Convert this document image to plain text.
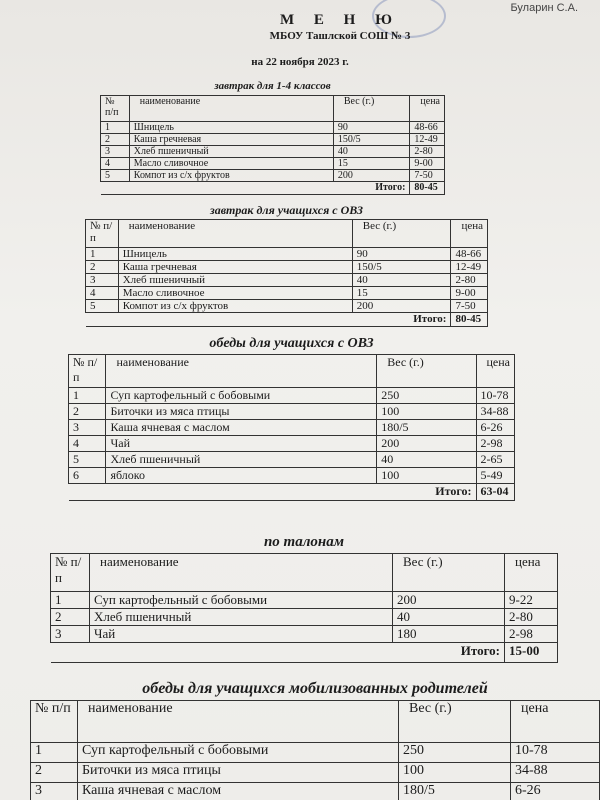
Буларин С.А.
М Е Н Ю
МБОУ Ташлской СОШ № 3
на 22 ноября 2023 г.
завтрак для 1-4 классов
№ п/п	наименование	Вес (г.)	цена
1	Шницель	90	48-66
2	Каша гречневая	150/5	12-49
3	Хлеб пшеничный	40	2-80
4	Масло сливочное	15	9-00
5	Компот из с/х фруктов	200	7-50
Итого:			80-45
завтрак для учащихся с ОВЗ
№ п/п	наименование	Вес (г.)	цена
1	Шницель	90	48-66
2	Каша гречневая	150/5	12-49
3	Хлеб пшеничный	40	2-80
4	Масло сливочное	15	9-00
5	Компот из с/х фруктов	200	7-50
Итого:			80-45
обеды для учащихся с ОВЗ
№ п/п	наименование	Вес (г.)	цена
1	Суп картофельный с бобовыми	250	10-78
2	Биточки из мяса птицы	100	34-88
3	Каша ячневая с маслом	180/5	6-26
4	Чай	200	2-98
5	Хлеб пшеничный	40	2-65
6	яблоко	100	5-49
Итого:			63-04
по талонам
№ п/п	наименование	Вес (г.)	цена
1	Суп картофельный с бобовыми	200	9-22
2	Хлеб пшеничный	40	2-80
3	Чай	180	2-98
Итого:			15-00
обеды для учащихся мобилизованных родителей
№ п/п	наименование	Вес (г.)	цена
1	Суп картофельный с бобовыми	250	10-78
2	Биточки из мяса птицы	100	34-88
3	Каша ячневая с маслом	180/5	6-26
